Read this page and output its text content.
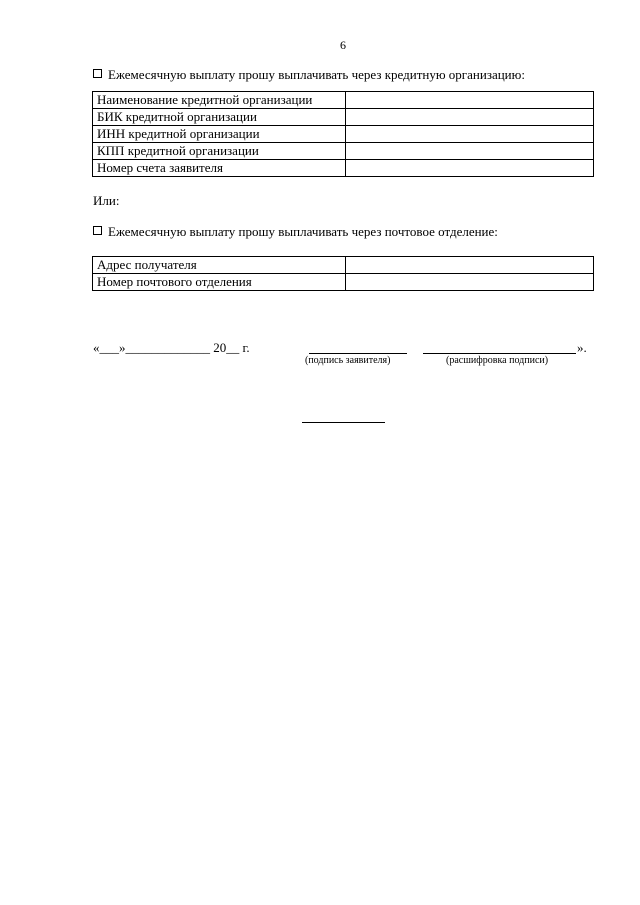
6
Ежемесячную выплату прошу выплачивать через кредитную организацию:
Наименование кредитной организации	
БИК кредитной организации	
ИНН кредитной организации	
КПП кредитной организации	
Номер счета заявителя	
Или:
Ежемесячную выплату прошу выплачивать через почтовое отделение:
Адрес получателя	
Номер почтового отделения	
«___»_____________ 20__ г.
(подпись заявителя)	(расшифровка подписи)
».
